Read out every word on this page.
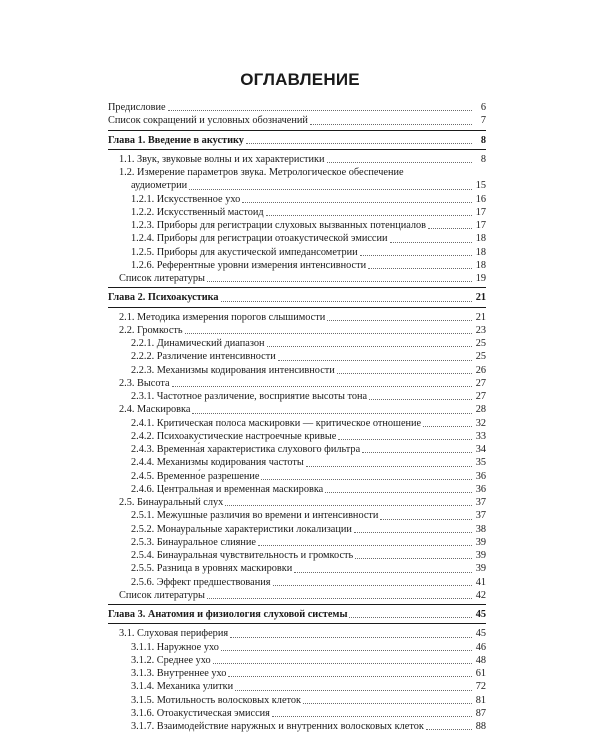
ОГЛАВЛЕНИЕ
Предисловие	6
Список сокращений и условных обозначений	7
Глава 1. Введение в акустику	8
1.1. Звук, звуковые волны и их характеристики	8
1.2. Измерение параметров звука. Метрологическое обеспечение
аудиометрии	15
1.2.1. Искусственное ухо	16
1.2.2. Искусственный мастоид	17
1.2.3. Приборы для регистрации слуховых вызванных потенциалов	17
1.2.4. Приборы для регистрации отоакустической эмиссии	18
1.2.5. Приборы для акустической импедансометрии	18
1.2.6. Референтные уровни измерения интенсивности	18
Список литературы	19
Глава 2. Психоакустика	21
2.1. Методика измерения порогов слышимости	21
2.2. Громкость	23
2.2.1. Динамический диапазон	25
2.2.2. Различение интенсивности	25
2.2.3. Механизмы кодирования интенсивности	26
2.3. Высота	27
2.3.1. Частотное различение, восприятие высоты тона	27
2.4. Маскировка	28
2.4.1. Критическая полоса маскировки — критическое отношение	32
2.4.2. Психоакустические настроечные кривые	33
2.4.3. Временна́я характеристика слухового фильтра	34
2.4.4. Механизмы кодирования частоты	35
2.4.5. Временно́е разрешение	36
2.4.6. Центральная и временная маскировка	36
2.5. Бинауральный слух	37
2.5.1. Межушные различия во времени и интенсивности	37
2.5.2. Монауральные характеристики локализации	38
2.5.3. Бинауральное слияние	39
2.5.4. Бинауральная чувствительность и громкость	39
2.5.5. Разница в уровнях маскировки	39
2.5.6. Эффект предшествования	41
Список литературы	42
Глава 3. Анатомия и физиология слуховой системы	45
3.1. Слуховая периферия	45
3.1.1. Наружное ухо	46
3.1.2. Среднее ухо	48
3.1.3. Внутреннее ухо	61
3.1.4. Механика улитки	72
3.1.5. Мотильность волосковых клеток	81
3.1.6. Отоакустическая эмиссия	87
3.1.7. Взаимодействие наружных и внутренних волосковых клеток	88
